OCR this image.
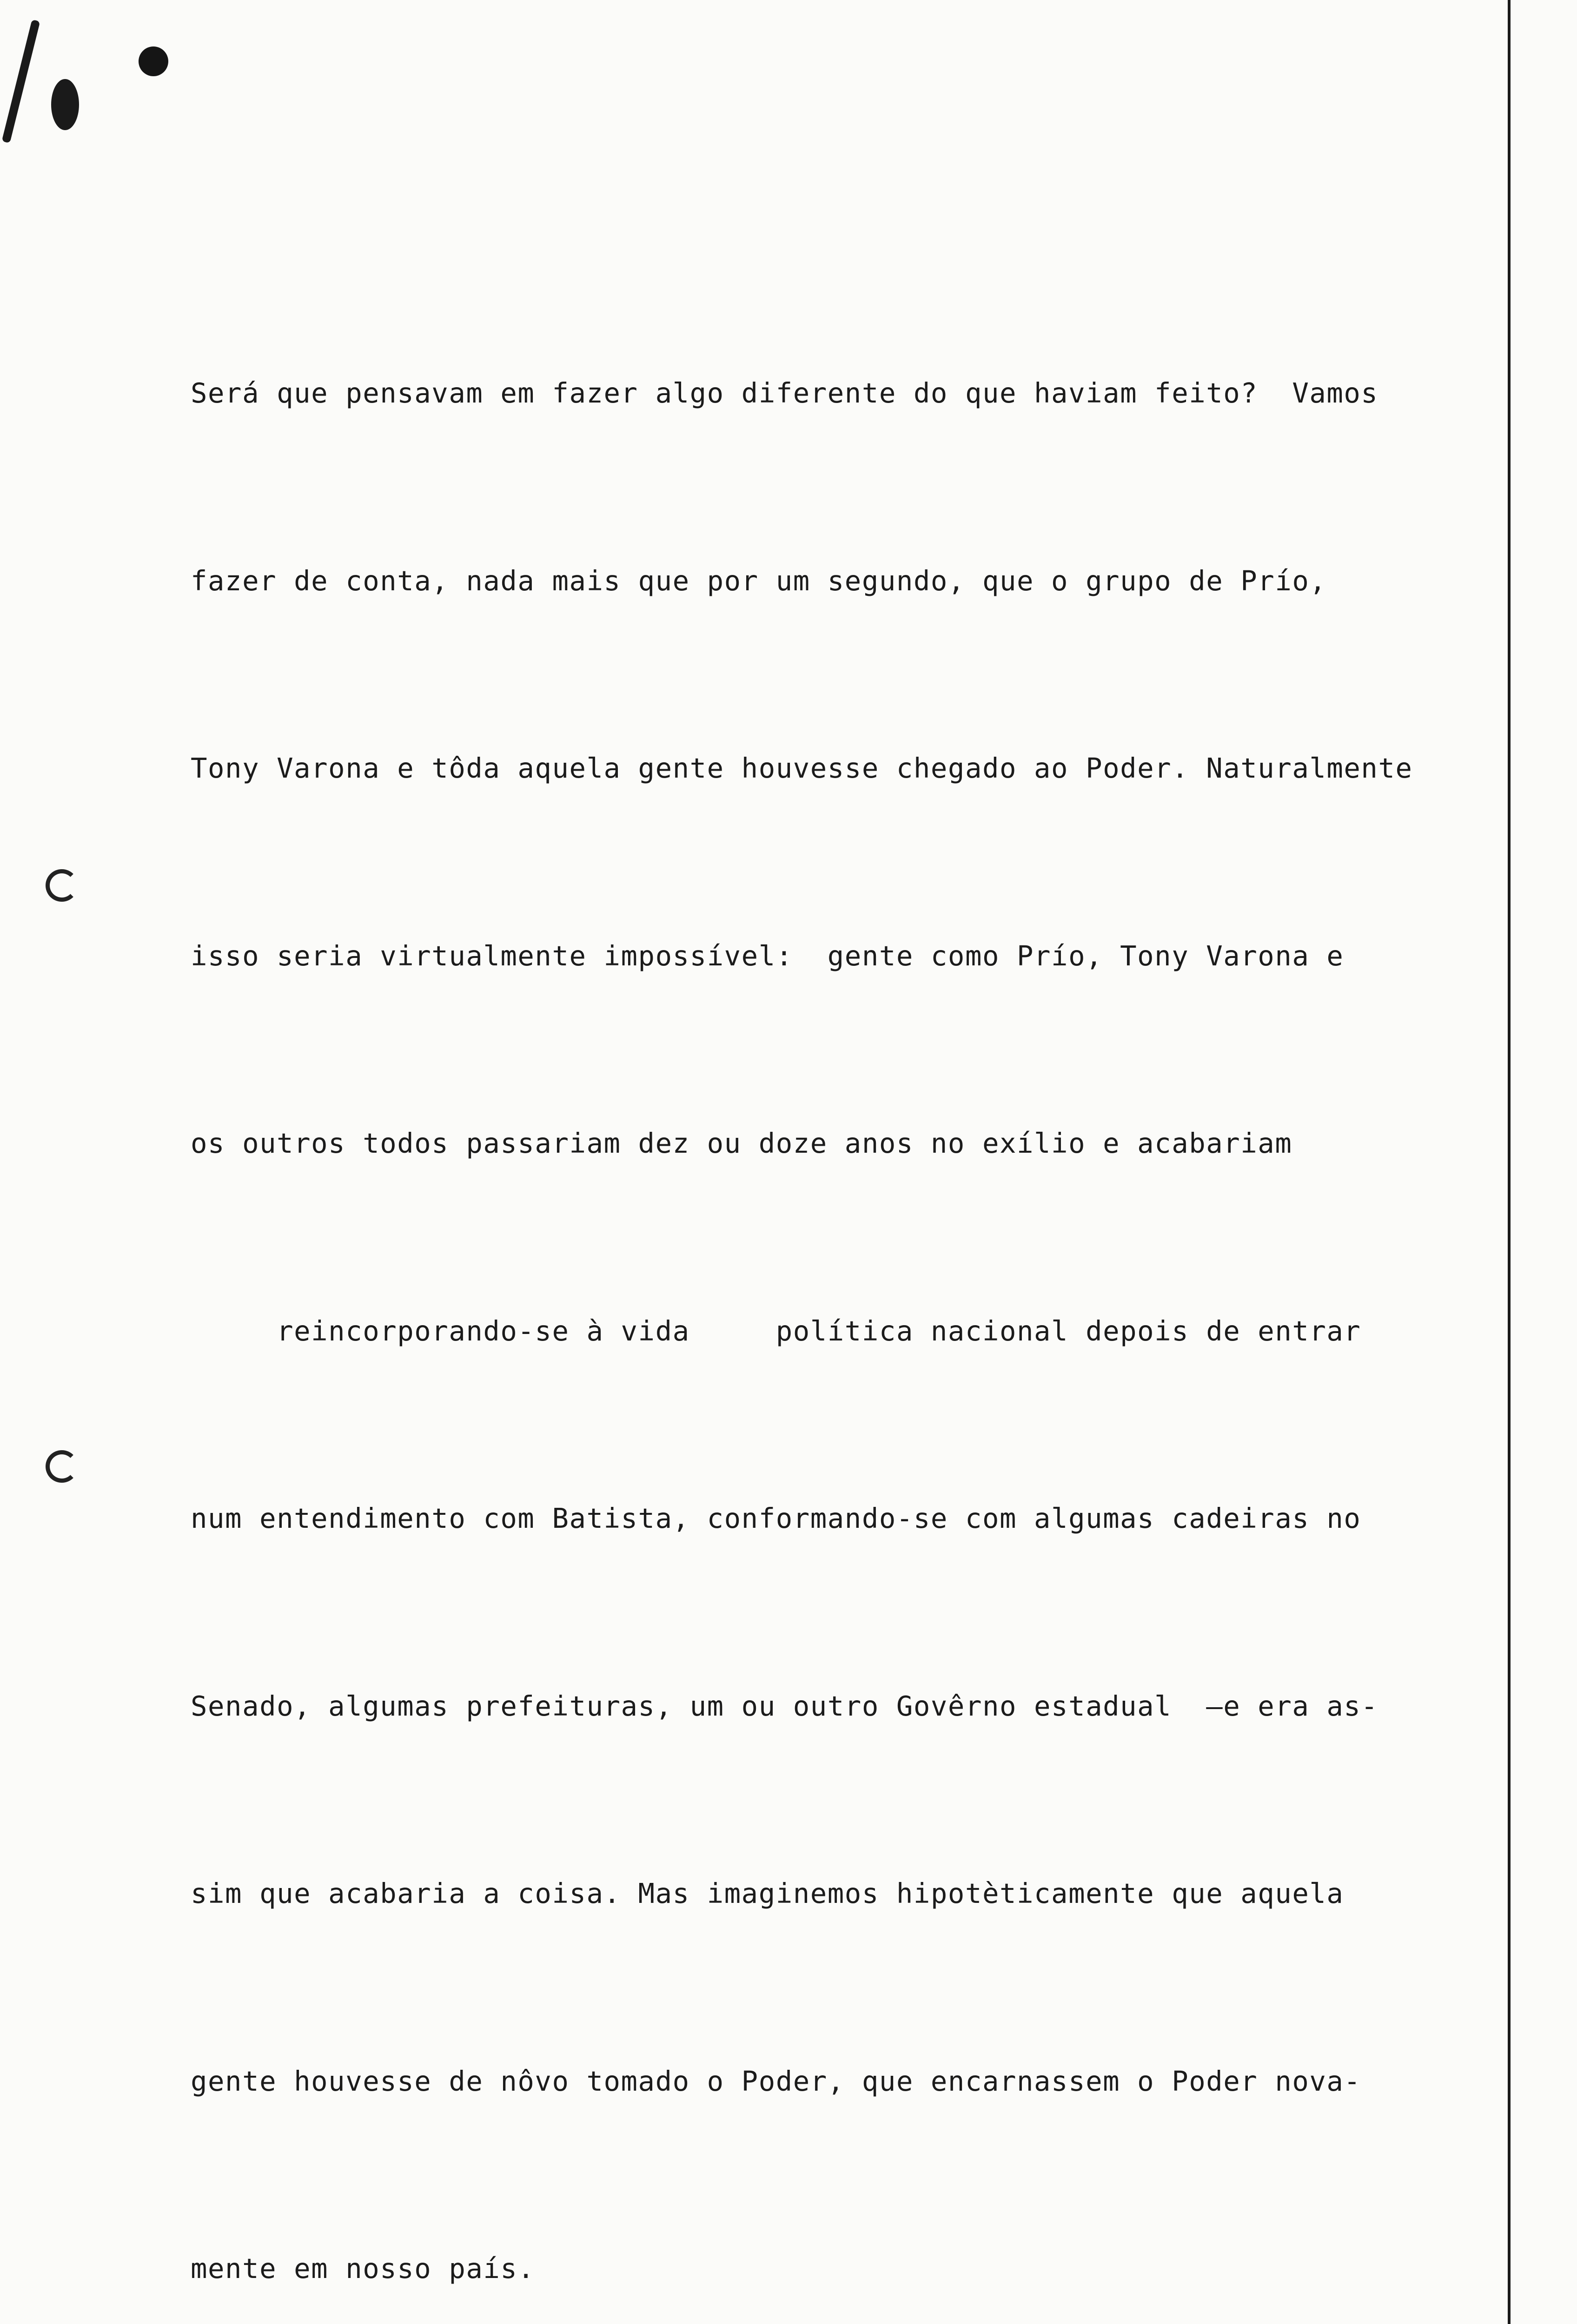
Será que pensavam em fazer algo diferente do que haviam feito?  Vamos

fazer de conta, nada mais que por um segundo, que o grupo de Prío,

Tony Varona e tôda aquela gente houvesse chegado ao Poder. Naturalmente

isso seria virtualmente impossível:  gente como Prío, Tony Varona e

os outros todos passariam dez ou doze anos no exílio e acabariam

reincorporando-se à vida     política nacional depois de entrar

num entendimento com Batista, conformando-se com algumas cadeiras no

Senado, algumas prefeituras, um ou outro Govêrno estadual  —e era as-

sim que acabaria a coisa. Mas imaginemos hipotèticamente que aquela

gente houvesse de nôvo tomado o Poder, que encarnassem o Poder nova-

mente em nosso país.
